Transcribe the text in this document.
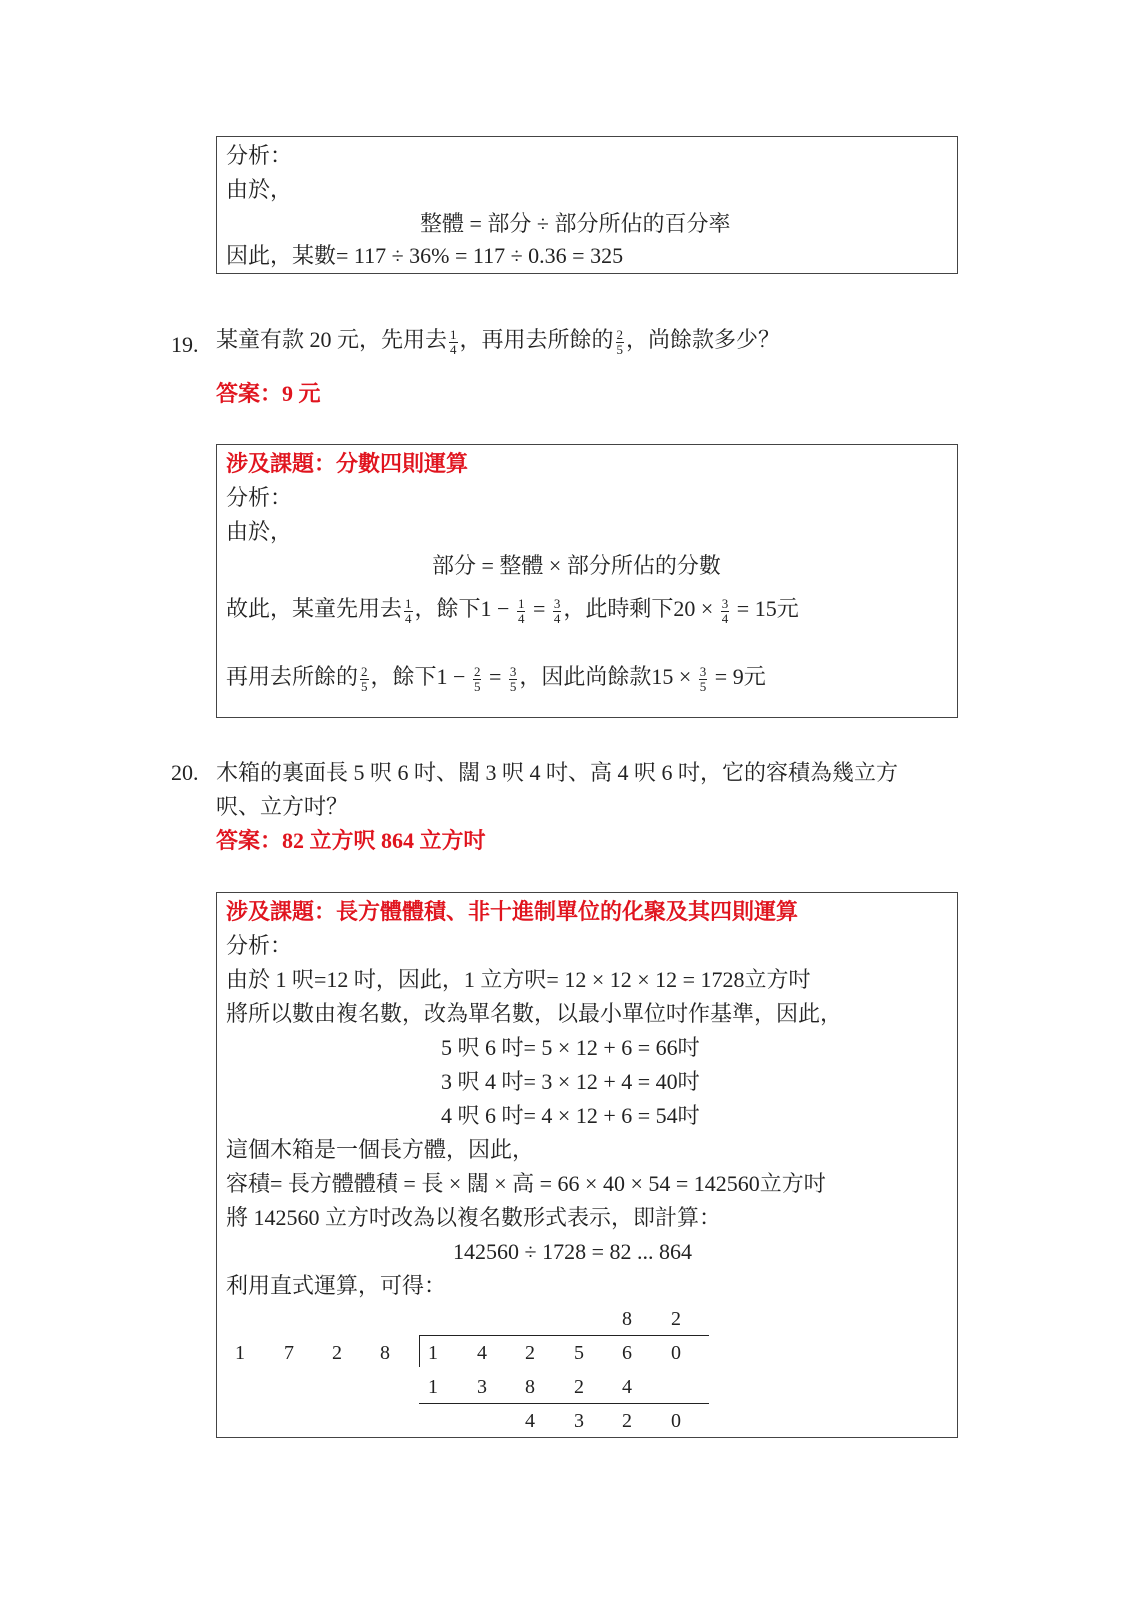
分析：
由於，
整體 = 部分 ÷ 部分所佔的百分率
因此，某數= 117 ÷ 36% = 117 ÷ 0.36 = 325
19. 某童有款 20 元，先用去 $\frac{1}{4}$ ，再用去所餘的 $\frac{2}{5}$ ，尚餘款多少？
答案：9 元
涉及課題：分數四則運算
分析：
由於，
部分 = 整體 × 部分所佔的分數
故此，某童先用去 $\frac{1}{4}$ ，餘下$1 - \frac{1}{4} = \frac{3}{4}$ ，此時剩下$20 \times \frac{3}{4} = 15$元
再用去所餘的 $\frac{2}{5}$ ，餘下$1 - \frac{2}{5} = \frac{3}{5}$ ，因此尚餘款$15 \times \frac{3}{5} = 9$元
20. 木箱的裏面長 5 呎 6 吋、闊 3 呎 4 吋、高 4 呎 6 吋，它的容積為幾立方
呎、立方吋？
答案：82 立方呎 864 立方吋
涉及課題：長方體體積、非十進制單位的化聚及其四則運算
分析：
由於 1 呎=12 吋，因此，1 立方呎= 12 × 12 × 12 = 1728立方吋
將所以數由複名數，改為單名數，以最小單位吋作基準，因此，
5 呎 6 吋= 5 × 12 + 6 = 66吋
3 呎 4 吋= 3 × 12 + 4 = 40吋
4 呎 6 吋= 4 × 12 + 6 = 54吋
這個木箱是一個長方體，因此，
容積= 長方體體積 = 長 × 闊 × 高 = 66 × 40 × 54 = 142560立方吋
將 142560 立方吋改為以複名數形式表示，即計算：
142560 ÷ 1728 = 82 ... 864
利用直式運算，可得：
8 2
1 7 2 8 1 4 2 5 6 0
1 3 8 2 4
4 3 2 0
